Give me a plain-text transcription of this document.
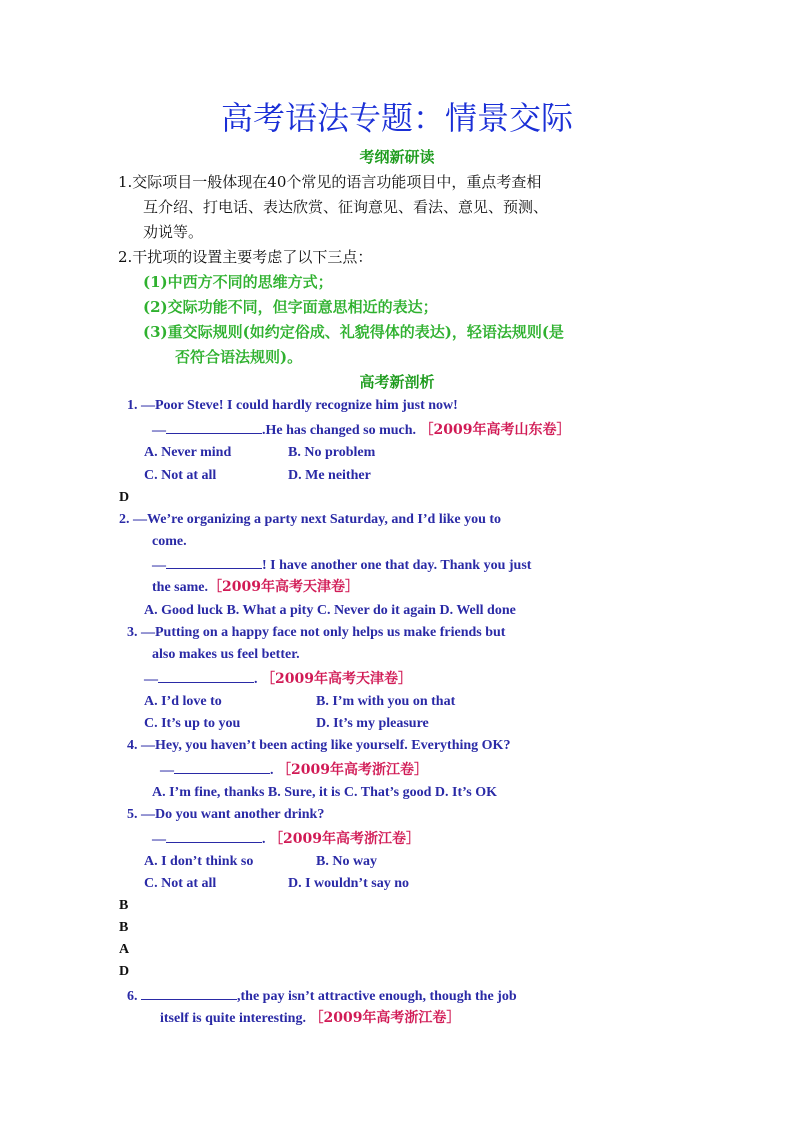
高考语法专题：情景交际
考纲新研读
1.交际项目一般体现在40个常见的语言功能项目中，重点考查相
互介绍、打电话、表达欣赏、征询意见、看法、意见、预测、
劝说等。
2.干扰项的设置主要考虑了以下三点：
(1)中西方不同的思维方式；
(2)交际功能不同，但字面意思相近的表达；
(3)重交际规则(如约定俗成、礼貌得体的表达)，轻语法规则(是
否符合语法规则)。
高考新剖析
1. —Poor Steve! I could hardly recognize him just now!
—	.He has changed so much. ［2009年高考山东卷］
A. Never mind	B. No problem
C. Not at all	D. Me neither
D
2. —We’re organizing a party next Saturday, and I’d like you to
come.
—	! I have another one that day. Thank you just
the same.［2009年高考天津卷］
A. Good luck B. What a pity C. Never do it again D. Well done
3. —Putting on a happy face not only helps us make friends but
also makes us feel better.
—	. ［2009年高考天津卷］
A. I’d love to	B. I’m with you on that
C. It’s up to you	D. It’s my pleasure
4. —Hey, you haven’t been acting like yourself. Everything OK?
—	. ［2009年高考浙江卷］
A. I’m fine, thanks B. Sure, it is C. That’s good D. It’s OK
5. —Do you want another drink?
—	. ［2009年高考浙江卷］
A. I don’t think so	B. No way
C. Not at all	D. I wouldn’t say no
B
B
A
D
6.	,the pay isn’t attractive enough, though the job
itself is quite interesting. ［2009年高考浙江卷］
